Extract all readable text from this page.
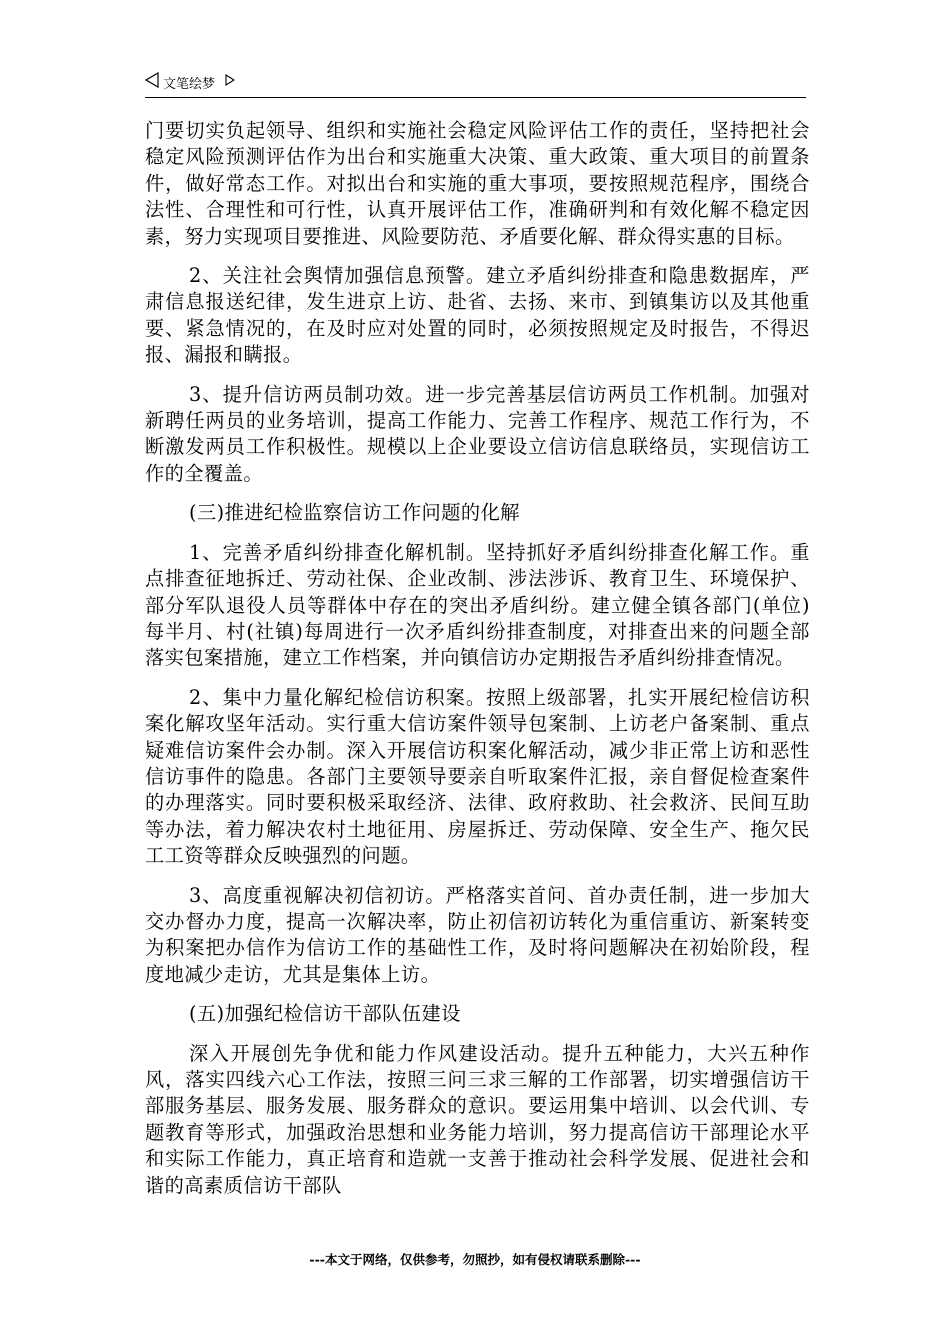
文笔绘梦

门要切实负起领导、组织和实施社会稳定风险评估工作的责任，坚持把社会稳定风险预测评估作为出台和实施重大决策、重大政策、重大项目的前置条件，做好常态工作。对拟出台和实施的重大事项，要按照规范程序，围绕合法性、合理性和可行性，认真开展评估工作，准确研判和有效化解不稳定因素，努力实现项目要推进、风险要防范、矛盾要化解、群众得实惠的目标。

2、关注社会舆情加强信息预警。建立矛盾纠纷排查和隐患数据库，严肃信息报送纪律，发生进京上访、赴省、去扬、来市、到镇集访以及其他重要、紧急情况的，在及时应对处置的同时，必须按照规定及时报告，不得迟报、漏报和瞒报。

3、提升信访两员制功效。进一步完善基层信访两员工作机制。加强对新聘任两员的业务培训，提高工作能力、完善工作程序、规范工作行为，不断激发两员工作积极性。规模以上企业要设立信访信息联络员，实现信访工作的全覆盖。

(三)推进纪检监察信访工作问题的化解

1、完善矛盾纠纷排查化解机制。坚持抓好矛盾纠纷排查化解工作。重点排查征地拆迁、劳动社保、企业改制、涉法涉诉、教育卫生、环境保护、部分军队退役人员等群体中存在的突出矛盾纠纷。建立健全镇各部门(单位)每半月、村(社镇)每周进行一次矛盾纠纷排查制度，对排查出来的问题全部落实包案措施，建立工作档案，并向镇信访办定期报告矛盾纠纷排查情况。

2、集中力量化解纪检信访积案。按照上级部署，扎实开展纪检信访积案化解攻坚年活动。实行重大信访案件领导包案制、上访老户备案制、重点疑难信访案件会办制。深入开展信访积案化解活动，减少非正常上访和恶性信访事件的隐患。各部门主要领导要亲自听取案件汇报，亲自督促检查案件的办理落实。同时要积极采取经济、法律、政府救助、社会救济、民间互助等办法，着力解决农村土地征用、房屋拆迁、劳动保障、安全生产、拖欠民工工资等群众反映强烈的问题。

3、高度重视解决初信初访。严格落实首问、首办责任制，进一步加大交办督办力度，提高一次解决率，防止初信初访转化为重信重访、新案转变为积案把办信作为信访工作的基础性工作，及时将问题解决在初始阶段，程度地减少走访，尤其是集体上访。

(五)加强纪检信访干部队伍建设

深入开展创先争优和能力作风建设活动。提升五种能力，大兴五种作风，落实四线六心工作法，按照三问三求三解的工作部署，切实增强信访干部服务基层、服务发展、服务群众的意识。要运用集中培训、以会代训、专题教育等形式，加强政治思想和业务能力培训，努力提高信访干部理论水平和实际工作能力，真正培育和造就一支善于推动社会科学发展、促进社会和谐的高素质信访干部队

---本文于网络，仅供参考，勿照抄，如有侵权请联系删除---
